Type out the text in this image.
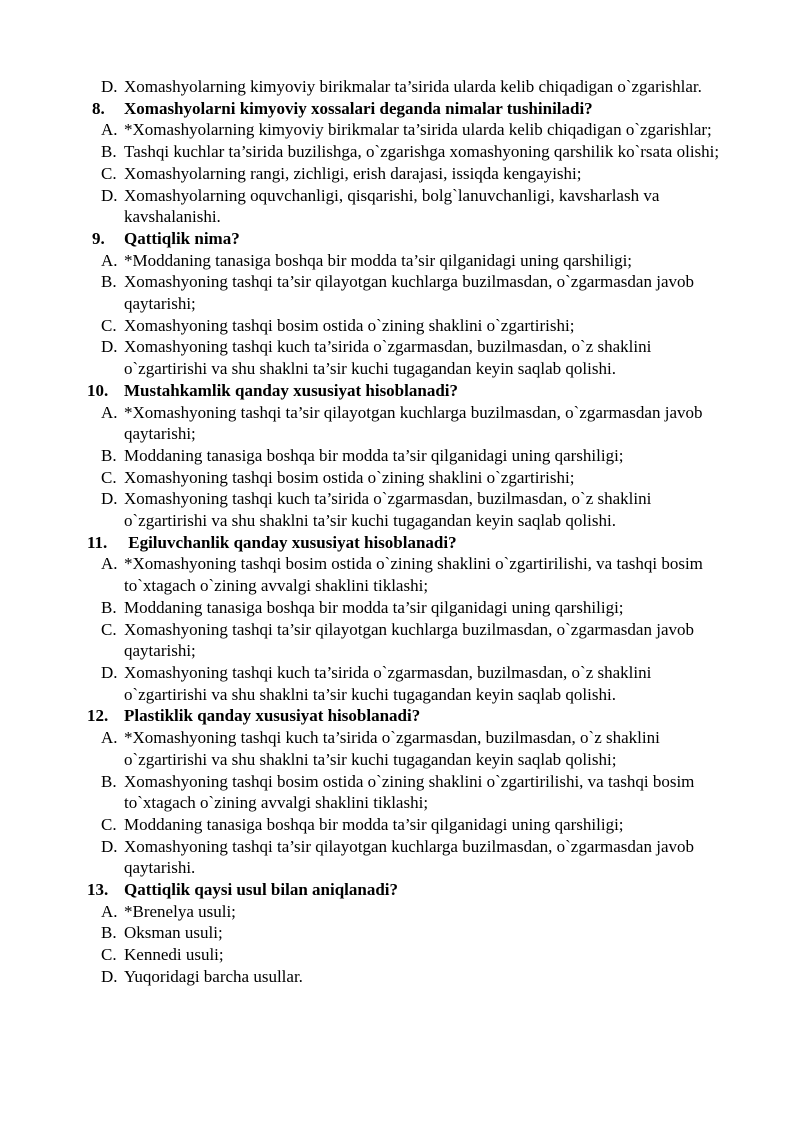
D. Xomashyolarning kimyoviy birikmalar ta’sirida ularda kelib chiqadigan o`zgarishlar.
8. Xomashyolarni kimyoviy xossalari deganda nimalar tushiniladi?
A. *Xomashyolarning kimyoviy birikmalar ta’sirida ularda kelib chiqadigan o`zgarishlar;
B. Tashqi kuchlar ta’sirida buzilishga, o`zgarishga xomashyoning qarshilik ko`rsata olishi;
C. Xomashyolarning rangi, zichligi, erish darajasi, issiqda kengayishi;
D. Xomashyolarning oquvchanligi, qisqarishi, bolg`lanuvchanligi, kavsharlash va kavshalanishi.
9. Qattiqlik nima?
A. *Moddaning tanasiga boshqa bir modda ta’sir qilganidagi uning qarshiligi;
B. Xomashyoning tashqi ta’sir qilayotgan kuchlarga buzilmasdan, o`zgarmasdan javob qaytarishi;
C. Xomashyoning tashqi bosim ostida o`zining shaklini o`zgartirishi;
D. Xomashyoning tashqi kuch ta’sirida o`zgarmasdan, buzilmasdan, o`z shaklini o`zgartirishi va shu shaklni ta’sir kuchi tugagandan keyin saqlab qolishi.
10. Mustahkamlik qanday xususiyat hisoblanadi?
A. *Xomashyoning tashqi ta’sir qilayotgan kuchlarga buzilmasdan, o`zgarmasdan javob qaytarishi;
B. Moddaning tanasiga boshqa bir modda ta’sir qilganidagi uning qarshiligi;
C. Xomashyoning tashqi bosim ostida o`zining shaklini o`zgartirishi;
D. Xomashyoning tashqi kuch ta’sirida o`zgarmasdan, buzilmasdan, o`z shaklini o`zgartirishi va shu shaklni ta’sir kuchi tugagandan keyin saqlab qolishi.
11. Egiluvchanlik qanday xususiyat hisoblanadi?
A. *Xomashyoning tashqi bosim ostida o`zining shaklini o`zgartirilishi, va tashqi bosim to`xtagach o`zining avvalgi shaklini tiklashi;
B. Moddaning tanasiga boshqa bir modda ta’sir qilganidagi uning qarshiligi;
C. Xomashyoning tashqi ta’sir qilayotgan kuchlarga buzilmasdan, o`zgarmasdan javob qaytarishi;
D. Xomashyoning tashqi kuch ta’sirida o`zgarmasdan, buzilmasdan, o`z shaklini o`zgartirishi va shu shaklni ta’sir kuchi tugagandan keyin saqlab qolishi.
12. Plastiklik qanday xususiyat hisoblanadi?
A. *Xomashyoning tashqi kuch ta’sirida o`zgarmasdan, buzilmasdan, o`z shaklini o`zgartirishi va shu shaklni ta’sir kuchi tugagandan keyin saqlab qolishi;
B. Xomashyoning tashqi bosim ostida o`zining shaklini o`zgartirilishi, va tashqi bosim to`xtagach o`zining avvalgi shaklini tiklashi;
C. Moddaning tanasiga boshqa bir modda ta’sir qilganidagi uning qarshiligi;
D. Xomashyoning tashqi ta’sir qilayotgan kuchlarga buzilmasdan, o`zgarmasdan javob qaytarishi.
13. Qattiqlik qaysi usul bilan aniqlanadi?
A. *Brenelya usuli;
B. Oksman usuli;
C. Kennedi usuli;
D. Yuqoridagi barcha usullar.
